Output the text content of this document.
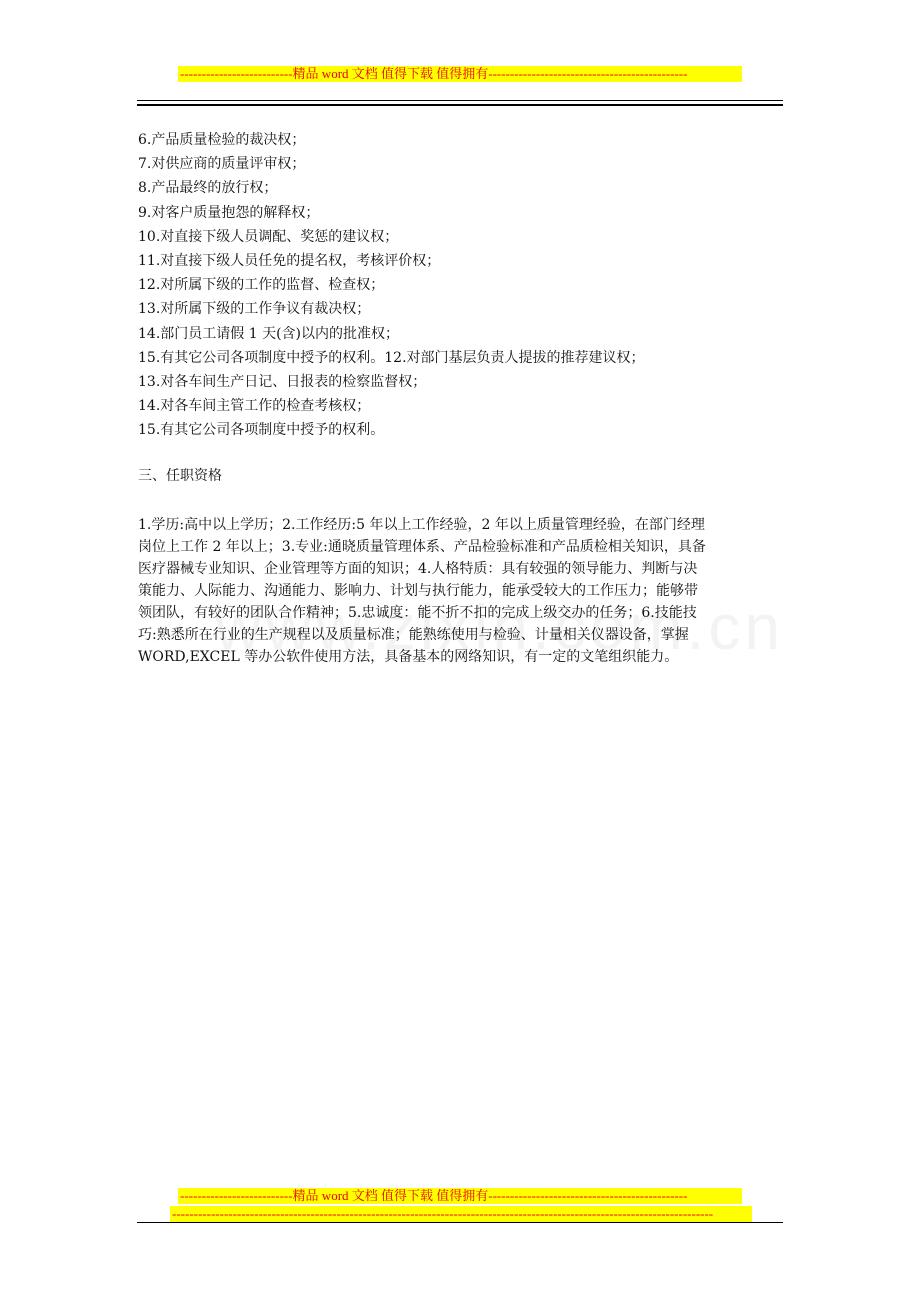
--------------------------精品 word 文档 值得下载 值得拥有----------------------------------------------
6.产品质量检验的裁决权；
7.对供应商的质量评审权；
8.产品最终的放行权；
9.对客户质量抱怨的解释权；
10.对直接下级人员调配、奖惩的建议权；
11.对直接下级人员任免的提名权，考核评价权；
12.对所属下级的工作的监督、检查权；
13.对所属下级的工作争议有裁决权；
14.部门员工请假 1 天(含)以内的批准权；
15.有其它公司各项制度中授予的权利。12.对部门基层负责人提拔的推荐建议权；
13.对各车间生产日记、日报表的检察监督权；
14.对各车间主管工作的检查考核权；
15.有其它公司各项制度中授予的权利。
三、任职资格
1.学历:高中以上学历；2.工作经历:5 年以上工作经验，2 年以上质量管理经验，在部门经理
岗位上工作 2 年以上；3.专业:通晓质量管理体系、产品检验标准和产品质检相关知识，具备
医疗器械专业知识、企业管理等方面的知识；4.人格特质：具有较强的领导能力、判断与决
策能力、人际能力、沟通能力、影响力、计划与执行能力，能承受较大的工作压力；能够带
领团队，有较好的团队合作精神；5.忠诚度：能不折不扣的完成上级交办的任务；6.技能技
巧:熟悉所在行业的生产规程以及质量标准；能熟练使用与检验、计量相关仪器设备，掌握
WORD,EXCEL 等办公软件使用方法，具备基本的网络知识，有一定的文笔组织能力。
--------------------------精品 word 文档 值得下载 值得拥有----------------------------------------------
-----------------------------------------------------------------------------------------------------------------------------
